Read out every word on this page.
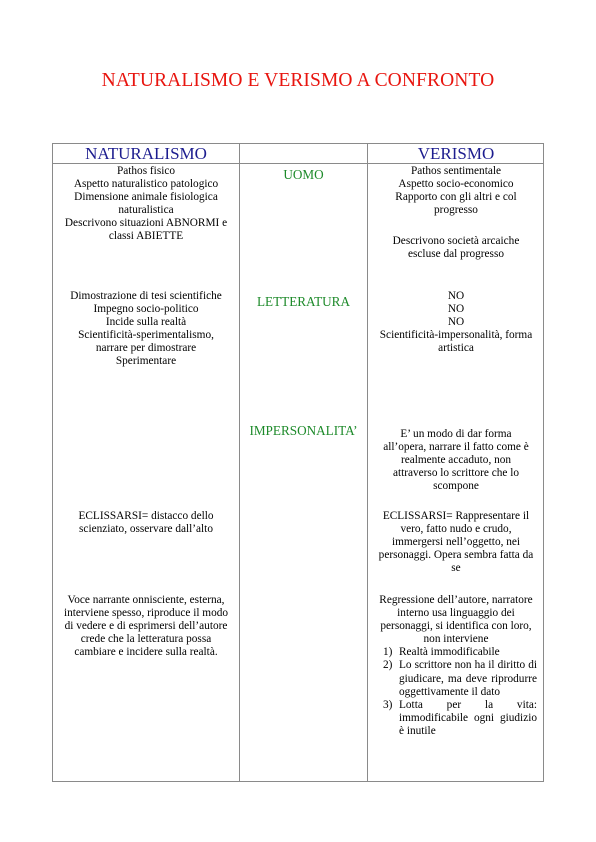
NATURALISMO E VERISMO A CONFRONTO
NATURALISMO	VERISMO
UOMO
LETTERATURA
IMPERSONALITA’
Pathos fisico
Aspetto naturalistico patologico
Dimensione animale fisiologica
naturalistica
Descrivono situazioni ABNORMI e
classi ABIETTE
Dimostrazione di tesi scientifiche
Impegno socio-politico
Incide sulla realtà
Scientificità-sperimentalismo,
narrare per dimostrare
Sperimentare
ECLISSARSI= distacco dello
scienziato, osservare dall’alto
Voce narrante onnisciente, esterna,
interviene spesso, riproduce il modo
di vedere e di esprimersi dell’autore
crede che la letteratura possa
cambiare e incidere sulla realtà.
Pathos sentimentale
Aspetto socio-economico
Rapporto con gli altri e col
progresso
Descrivono società arcaiche
escluse dal progresso
NO
NO
NO
Scientificità-impersonalità, forma
artistica
E’ un modo di dar forma
all’opera, narrare il fatto come è
realmente accaduto, non
attraverso lo scrittore che lo
scompone
ECLISSARSI= Rappresentare il
vero, fatto nudo e crudo,
immergersi nell’oggetto, nei
personaggi. Opera sembra fatta da
se
Regressione dell’autore, narratore
interno usa linguaggio dei
personaggi, si identifica con loro,
non interviene
1) Realtà immodificabile
2) Lo scrittore non ha il diritto di giudicare, ma deve riprodurre oggettivamente il dato
3) Lotta per la vita: immodificabile ogni giudizio è inutile
